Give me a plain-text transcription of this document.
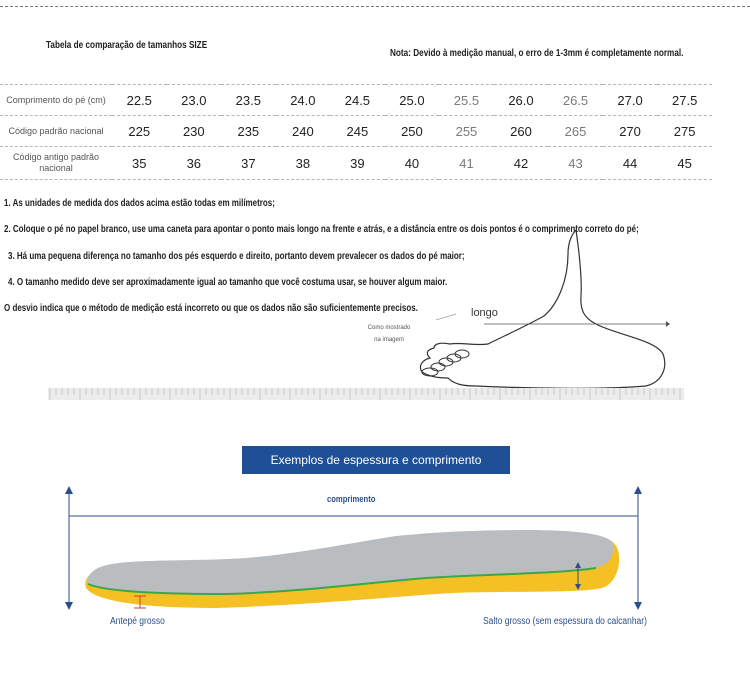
Tabela de comparação de tamanhos SIZE
Nota: Devido à medição manual, o erro de 1-3mm é completamente normal.
Comprimento do pé (cm)	22.5	23.0	23.5	24.0	24.5	25.0	25.5	26.0	26.5	27.0	27.5
Código padrão nacional	225	230	235	240	245	250	255	260	265	270	275
Código antigo padrão nacional	35	36	37	38	39	40	41	42	43	44	45
1. As unidades de medida dos dados acima estão todas em milímetros;
2. Coloque o pé no papel branco, use uma caneta para apontar o ponto mais longo na frente e atrás, e a distância entre os dois pontos é o comprimento correto do pé;
3. Há uma pequena diferença no tamanho dos pés esquerdo e direito, portanto devem prevalecer os dados do pé maior;
4. O tamanho medido deve ser aproximadamente igual ao tamanho que você costuma usar, se houver algum maior.
O desvio indica que o método de medição está incorreto ou que os dados não são suficientemente precisos.	longo
Como mostrado
na imagem
Exemplos de espessura e comprimento
comprimento
Antepé grosso	Salto grosso (sem espessura do calcanhar)
